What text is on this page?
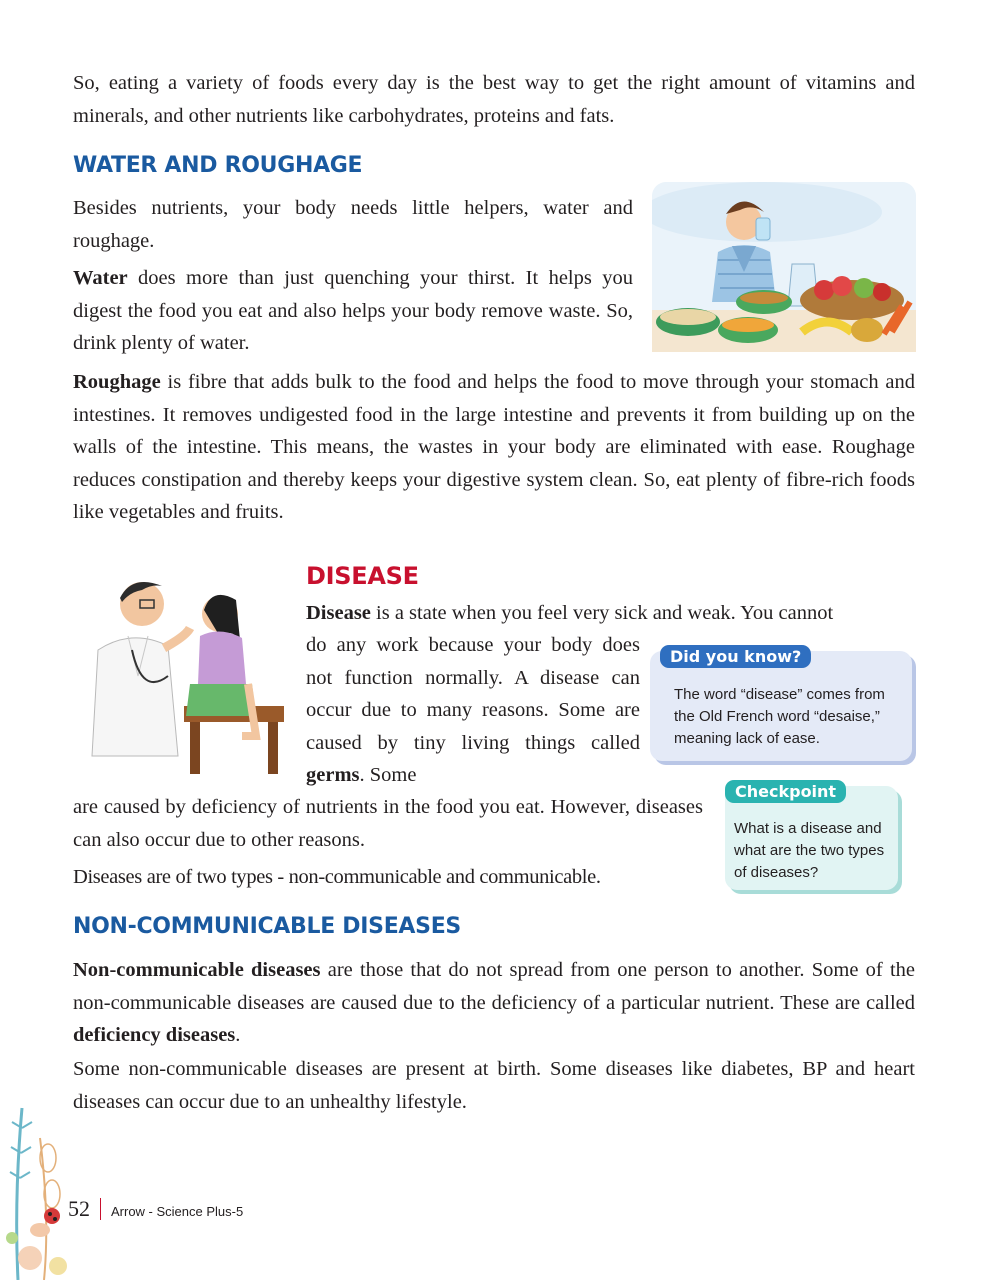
So, eating a variety of foods every day is the best way to get the right amount of vitamins and minerals, and other nutrients like carbohydrates, proteins and fats.

WATER AND ROUGHAGE

Besides nutrients, your body needs little helpers, water and roughage.

Water does more than just quenching your thirst. It helps you digest the food you eat and also helps your body remove waste. So, drink plenty of water.

Roughage is fibre that adds bulk to the food and helps the food to move through your stomach and intestines. It removes undigested food in the large intestine and prevents it from building up on the walls of the intestine. This means, the wastes in your body are eliminated with ease. Roughage reduces constipation and thereby keeps your digestive system clean. So, eat plenty of fibre-rich foods like vegetables and fruits.

DISEASE

Disease is a state when you feel very sick and weak. You cannot

do any work because your body does not function normally. A disease can occur due to many reasons. Some are caused by tiny living things called germs. Some

are caused by deficiency of nutrients in the food you eat. However, diseases can also occur due to other reasons.

Diseases are of two types - non-communicable and communicable.

Did you know?

The word “disease” comes from the Old French word “desaise,” meaning lack of ease.

Checkpoint

What is a disease and what are the two types of diseases?

NON-COMMUNICABLE DISEASES

Non-communicable diseases are those that do not spread from one person to another. Some of the non-communicable diseases are caused due to the deficiency of a particular nutrient. These are called deficiency diseases.

Some non-communicable diseases are present at birth. Some diseases like diabetes, BP and heart diseases can occur due to an unhealthy lifestyle.

52 Arrow - Science Plus-5
